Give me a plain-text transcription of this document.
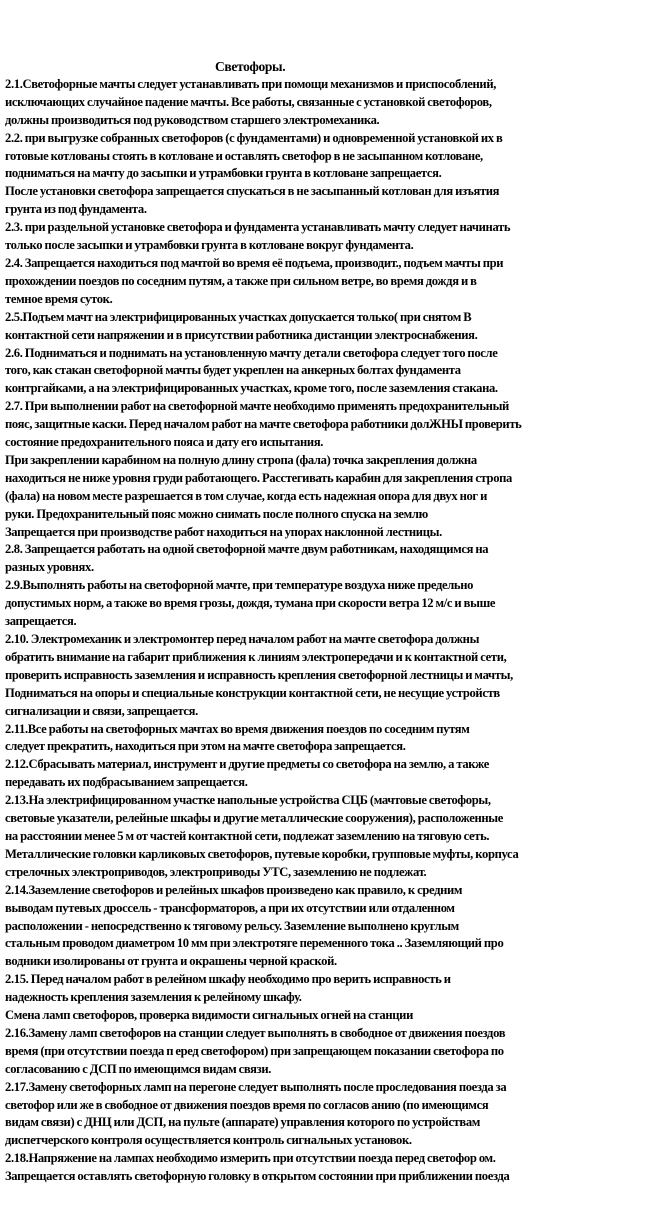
Светофоры.
2.1.Светофорные мачты следует устанавливать при помощи механизмов и приспособлений,
исключающих случайное падение мачты. Все работы, связанные с установкой светофоров,
должны производиться под руководством старшего электромеханика.
2.2. при выгрузке собранных светофоров (с фундаментами) и одновременной установкой их в
готовые котлованы стоять в котловане и оставлять светофор в не засыпанном котловане,
подниматься на мачту до засыпки и утрамбовки грунта в котловане запрещается.
После установки светофора запрещается спускаться в не засыпанный котлован для изъятия
грунта из под фундамента.
2.3. при раздельной установке светофора и фундамента устанавливать мачту следует начинать
только после засыпки и утрамбовки грунта в котловане вокруг фундамента.
2.4. Запрещается находиться под мачтой во время её подъема, производит., подъем мачты при
прохождении поездов по соседним путям, а также при сильном ветре, во время дождя и в
темное время суток.
2.5.Подъем мачт на электрифицированных участках допускается только( при снятом В
контактной сети напряжении и в присутствии работника дистанции электроснабжения.
2.6. Подниматься и поднимать на установленную мачту детали светофора следует того после
того, как стакан светофорной мачты будет укреплен на анкерных болтах фундамента
контргайками, а на электрифицированных участках, кроме того, после заземления стакана.
2.7. При выполнении работ на светофорной мачте необходимо применять предохранительный
пояс, защитные каски. Перед началом работ на мачте светофора работники долЖНЫ проверить
состояние предохранительного пояса и дату его испытания.
При закреплении карабином на полную длину стропа (фала) точка закрепления должна
находиться не ниже уровня груди работающего. Расстегивать карабин для закрепления стропа
(фала) на новом месте разрешается в том случае, когда есть надежная опора для двух ног и
руки. Предохранительный пояс можно снимать после полного спуска на землю
Запрещается при производстве работ находиться на упорах наклонной лестницы.
2.8. Запрещается работать на одной светофорной мачте двум работникам, находящимся на
разных уровнях.
2.9.Выполнять работы на светофорной мачте, при температуре воздуха ниже предельно
допустимых норм, а также во время грозы, дождя, тумана при скорости ветра 12 м/с и выше
запрещается.
2.10. Электромеханик и электромонтер перед началом работ на мачте светофора должны
обратить внимание на габарит приближения к линиям электропередачи и к контактной сети,
проверить исправность заземления и исправность крепления светофорной лестницы и мачты,
Подниматься на опоры и специальные конструкции контактной сети, не несущие устройств
сигнализации и связи, запрещается.
2.11.Все работы на светофорных мачтах во время движения поездов по соседним путям
следует прекратить, находиться при этом на мачте светофора запрещается.
2.12.Сбрасывать материал, инструмент и другие предметы со светофора на землю, а также
передавать их подбрасыванием запрещается.
2.13.На электрифицированном участке напольные устройства СЦБ (мачтовые светофоры,
световые указатели, релейные шкафы и другие металлические сооружения), расположенные
на расстоянии менее 5 м от частей контактной сети, подлежат заземлению на тяговую сеть.
Металлические головки карликовых светофоров, путевые коробки, групповые муфты, корпуса
стрелочных электроприводов, электроприводы УТС, заземлению не подлежат.
2.14.Заземление светофоров и релейных шкафов произведено как правило, к средним
выводам путевых дроссель - трансформаторов, а при их отсутствии или отдаленном
расположении - непосредственно к тяговому рельсу. Заземление выполнено круглым
стальным проводом диаметром 10 мм при электротяге переменного тока .. Заземляющий про
водники изолированы от грунта и окрашены черной краской.
2.15. Перед началом работ в релейном шкафу необходимо про верить исправность и
надежность крепления заземления к релейному шкафу.
Смена ламп светофоров, проверка видимости сигнальных огней на станции
2.16.Замену ламп светофоров на станции следует выполнять в свободное от движения поездов
время (при отсутствии поезда п еред светофором) при запрещающем показании светофора по
согласованию с ДСП по имеющимся видам связи.
2.17.Замену светофорных ламп на перегоне следует выполнять после проследования поезда за
светофор или же в свободное от движения поездов время по согласов анию (по имеющимся
видам связи) с ДНЦ или ДСП, на пульте (аппарате) управления которого по устройствам
диспетчерского контроля осуществляется контроль сигнальных установок.
2.18.Напряжение на лампах необходимо измерить при отсутствии поезда перед светофор ом.
Запрещается оставлять светофорную головку в открытом состоянии при приближении поезда
